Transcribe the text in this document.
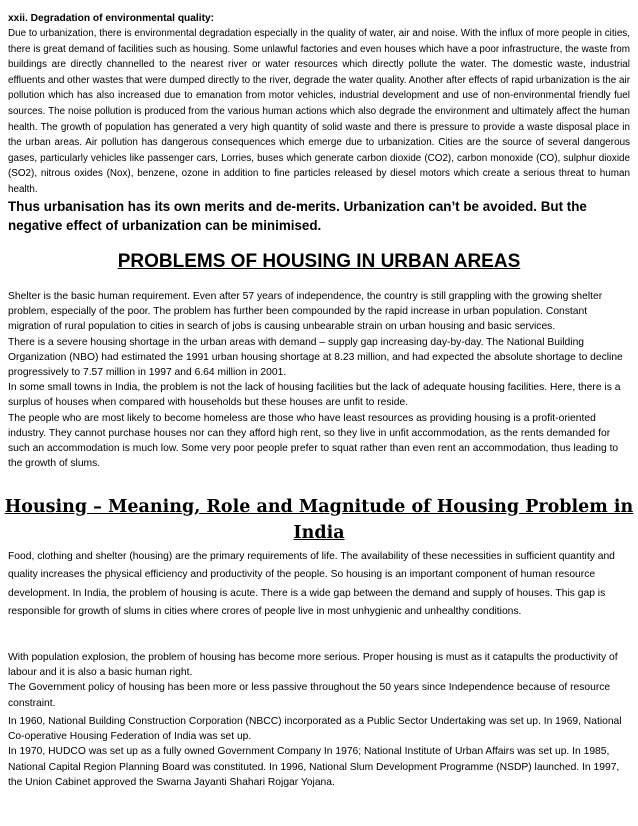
xxii. Degradation of environmental quality:

Due to urbanization, there is environmental degradation especially in the quality of water, air and noise. With the influx of more people in cities, there is great demand of facilities such as housing. Some unlawful factories and even houses which have a poor infrastructure, the waste from buildings are directly channelled to the nearest river or water resources which directly pollute the water. The domestic waste, industrial effluents and other wastes that were dumped directly to the river, degrade the water quality. Another after effects of rapid urbanization is the air pollution which has also increased due to emanation from motor vehicles, industrial development and use of non-environmental friendly fuel sources. The noise pollution is produced from the various human actions which also degrade the environment and ultimately affect the human health. The growth of population has generated a very high quantity of solid waste and there is pressure to provide a waste disposal place in the urban areas. Air pollution has dangerous consequences which emerge due to urbanization. Cities are the source of several dangerous gases, particularly vehicles like passenger cars, Lorries, buses which generate carbon dioxide (CO2), carbon monoxide (CO), sulphur dioxide (SO2), nitrous oxides (Nox), benzene, ozone in addition to fine particles released by diesel motors which create a serious threat to human health.

Thus urbanisation has its own merits and de-merits. Urbanization can’t be avoided. But the negative effect of urbanization can be minimised.

PROBLEMS OF HOUSING IN URBAN AREAS
Shelter is the basic human requirement. Even after 57 years of independence, the country is still grappling with the growing shelter problem, especially of the poor. The problem has further been compounded by the rapid increase in urban population. Constant migration of rural population to cities in search of jobs is causing unbearable strain on urban housing and basic services.
There is a severe housing shortage in the urban areas with demand – supply gap increasing day-by-day. The National Building Organization (NBO) had estimated the 1991 urban housing shortage at 8.23 million, and had expected the absolute shortage to decline progressively to 7.57 million in 1997 and 6.64 million in 2001.
In some small towns in India, the problem is not the lack of housing facilities but the lack of adequate housing facilities. Here, there is a surplus of houses when compared with households but these houses are unfit to reside.
The people who are most likely to become homeless are those who have least resources as providing housing is a profit-oriented industry. They cannot purchase houses nor can they afford high rent, so they live in unfit accommodation, as the rents demanded for such an accommodation is much low. Some very poor people prefer to squat rather than even rent an accommodation, thus leading to the growth of slums.
Housing – Meaning, Role and Magnitude of Housing Problem in India

Food, clothing and shelter (housing) are the primary requirements of life. The availability of these necessities in sufficient quantity and quality increases the physical efficiency and productivity of the people. So housing is an important component of human resource development. In India, the problem of housing is acute. There is a wide gap between the demand and supply of houses. This gap is responsible for growth of slums in cities where crores of people live in most unhygienic and unhealthy conditions.

With population explosion, the problem of housing has become more serious. Proper housing is must as it catapults the productivity of labour and it is also a basic human right.
The Government policy of housing has been more or less passive throughout the 50 years since Independence because of resource constraint.
In 1960, National Building Construction Corporation (NBCC) incorporated as a Public Sector Undertaking was set up. In 1969, National Co-operative Housing Federation of India was set up.
In 1970, HUDCO was set up as a fully owned Government Company In 1976; National Institute of Urban Affairs was set up. In 1985, National Capital Region Planning Board was constituted. In 1996, National Slum Development Programme (NSDP) launched. In 1997, the Union Cabinet approved the Swarna Jayanti Shahari Rojgar Yojana.
